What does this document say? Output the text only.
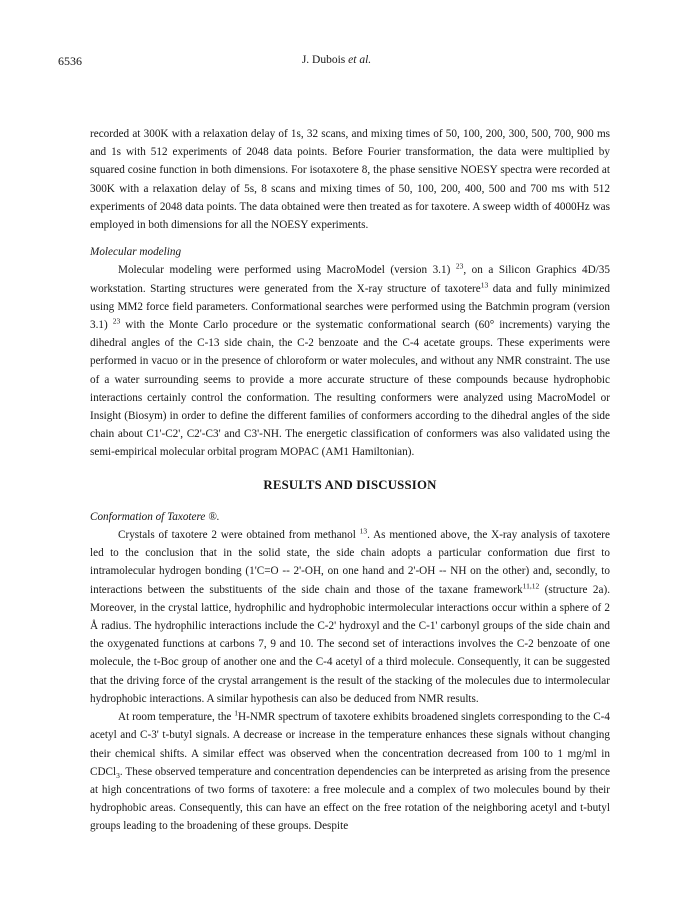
6536	J. Dubois et al.

recorded at 300K with a relaxation delay of 1s, 32 scans, and mixing times of 50, 100, 200, 300, 500, 700, 900 ms and 1s with 512 experiments of 2048 data points. Before Fourier transformation, the data were multiplied by squared cosine function in both dimensions. For isotaxotere 8, the phase sensitive NOESY spectra were recorded at 300K with a relaxation delay of 5s, 8 scans and mixing times of 50, 100, 200, 400, 500 and 700 ms with 512 experiments of 2048 data points. The data obtained were then treated as for taxotere. A sweep width of 4000Hz was employed in both dimensions for all the NOESY experiments.

Molecular modeling

Molecular modeling were performed using MacroModel (version 3.1) $^{23}$, on a Silicon Graphics 4D/35 workstation. Starting structures were generated from the X-ray structure of taxotere$^{13}$ data and fully minimized using MM2 force field parameters. Conformational searches were performed using the Batchmin program (version 3.1) $^{23}$ with the Monte Carlo procedure or the systematic conformational search (60° increments) varying the dihedral angles of the C-13 side chain, the C-2 benzoate and the C-4 acetate groups. These experiments were performed in vacuo or in the presence of chloroform or water molecules, and without any NMR constraint. The use of a water surrounding seems to provide a more accurate structure of these compounds because hydrophobic interactions certainly control the conformation. The resulting conformers were analyzed using MacroModel or Insight (Biosym) in order to define the different families of conformers according to the dihedral angles of the side chain about C1'-C2', C2'-C3' and C3'-NH. The energetic classification of conformers was also validated using the semi-empirical molecular orbital program MOPAC (AM1 Hamiltonian).

RESULTS AND DISCUSSION

Conformation of Taxotere ®.

Crystals of taxotere 2 were obtained from methanol $^{13}$. As mentioned above, the X-ray analysis of taxotere led to the conclusion that in the solid state, the side chain adopts a particular conformation due first to intramolecular hydrogen bonding (1'C=O -- 2'-OH, on one hand and 2'-OH -- NH on the other) and, secondly, to interactions between the substituents of the side chain and those of the taxane framework$^{11,12}$ (structure 2a). Moreover, in the crystal lattice, hydrophilic and hydrophobic intermolecular interactions occur within a sphere of 2 Å radius. The hydrophilic interactions include the C-2' hydroxyl and the C-1' carbonyl groups of the side chain and the oxygenated functions at carbons 7, 9 and 10. The second set of interactions involves the C-2 benzoate of one molecule, the t-Boc group of another one and the C-4 acetyl of a third molecule. Consequently, it can be suggested that the driving force of the crystal arrangement is the result of the stacking of the molecules due to intermolecular hydrophobic interactions. A similar hypothesis can also be deduced from NMR results.

At room temperature, the $^1$H-NMR spectrum of taxotere exhibits broadened singlets corresponding to the C-4 acetyl and C-3' t-butyl signals. A decrease or increase in the temperature enhances these signals without changing their chemical shifts. A similar effect was observed when the concentration decreased from 100 to 1 mg/ml in CDCl$_3$. These observed temperature and concentration dependencies can be interpreted as arising from the presence at high concentrations of two forms of taxotere: a free molecule and a complex of two molecules bound by their hydrophobic areas. Consequently, this can have an effect on the free rotation of the neighboring acetyl and t-butyl groups leading to the broadening of these groups. Despite
